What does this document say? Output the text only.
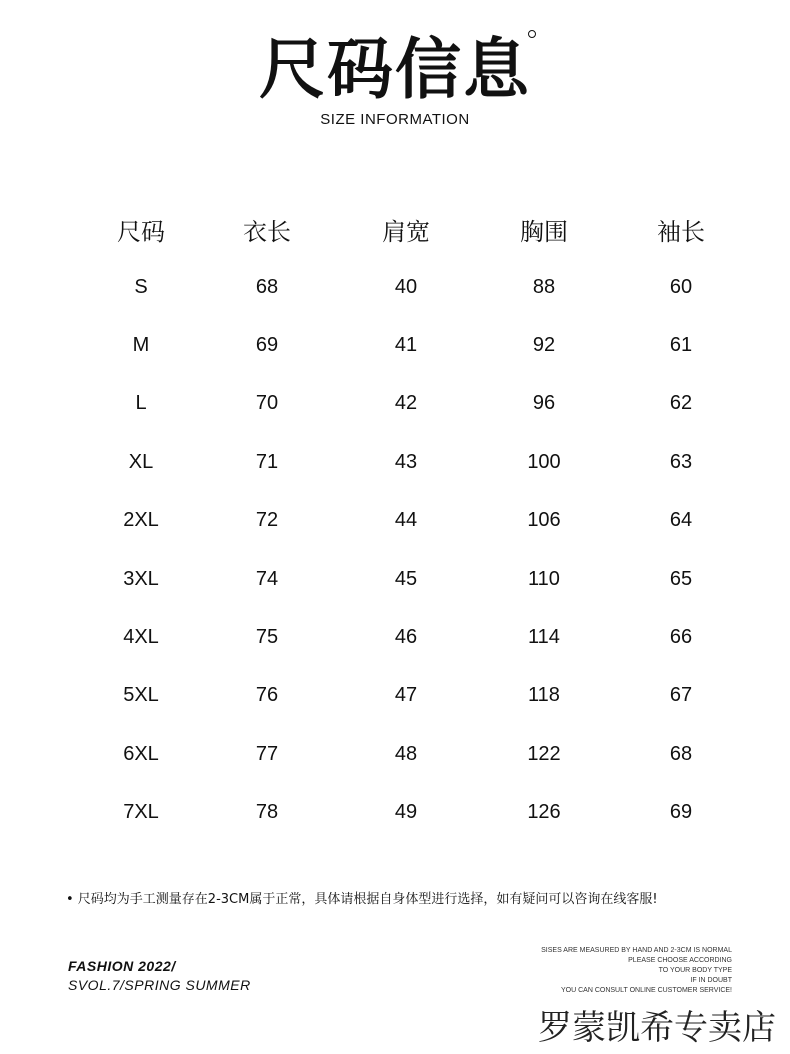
尺码信息
SIZE INFORMATION
尺码	衣长	肩宽	胸围	袖长
S	68	40	88	60
M	69	41	92	61
L	70	42	96	62
XL	71	43	100	63
2XL	72	44	106	64
3XL	74	45	110	65
4XL	75	46	114	66
5XL	76	47	118	67
6XL	77	48	122	68
7XL	78	49	126	69
• 尺码均为手工测量存在2-3CM属于正常，具体请根据自身体型进行选择，如有疑问可以咨询在线客服!
FASHION 2022/
SVOL.7/SPRING SUMMER
SISES ARE MEASURED BY HAND AND 2-3CM IS NORMAL
PLEASE CHOOSE ACCORDING
TO YOUR BODY TYPE
IF IN DOUBT
YOU CAN CONSULT ONLINE CUSTOMER SERVICE!
罗蒙凯希专卖店
